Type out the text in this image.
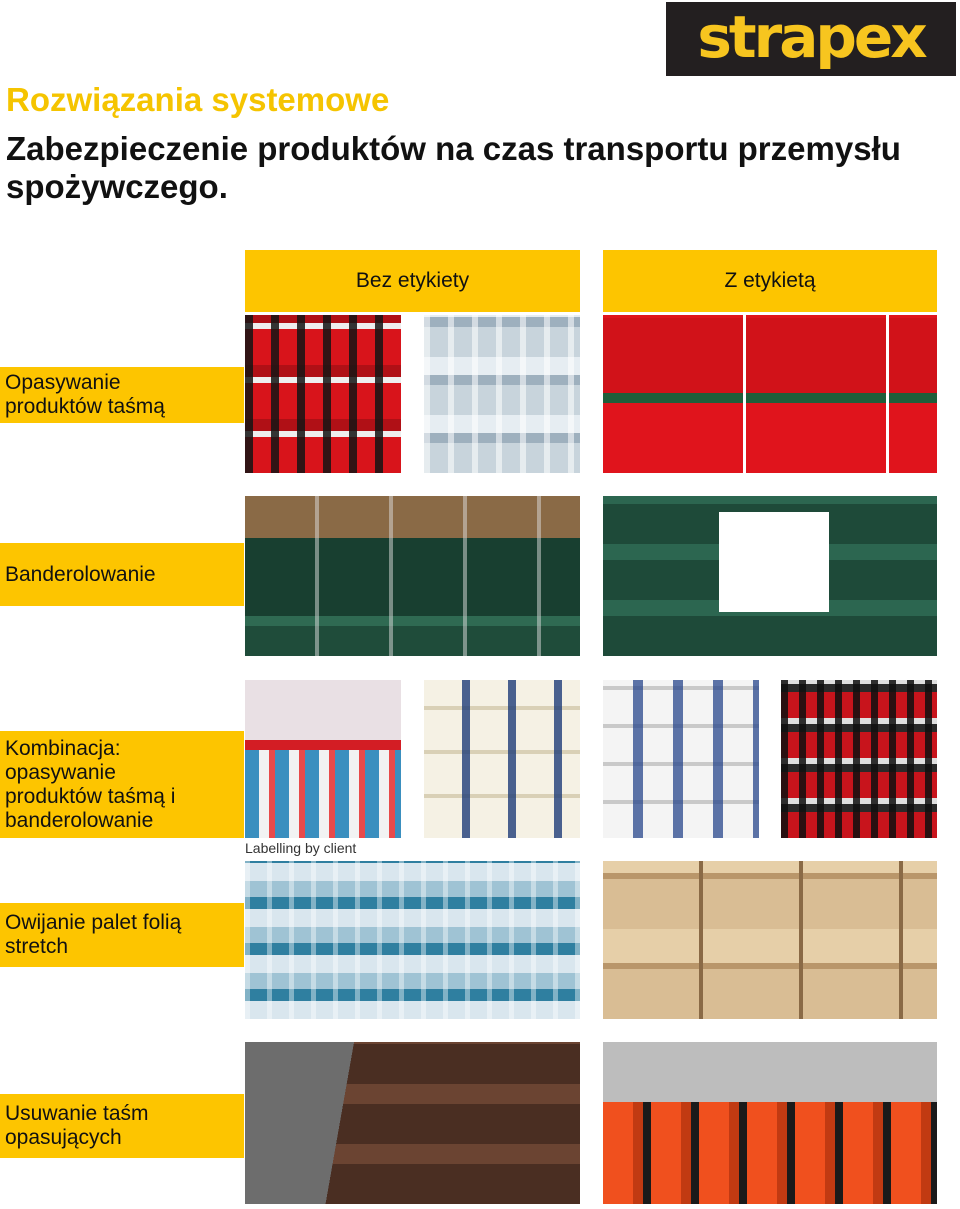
strapex
Rozwiązania systemowe
Zabezpieczenie produktów na czas transportu przemysłu spożywczego.
Bez etykiety	Z etykietą
Opasywanie
produktów taśmą
Banderolowanie
Kombinacja:
opasywanie
produktów taśmą i
banderolowanie

Labelling by client

Owijanie palet folią
stretch
Usuwanie taśm
opasujących
